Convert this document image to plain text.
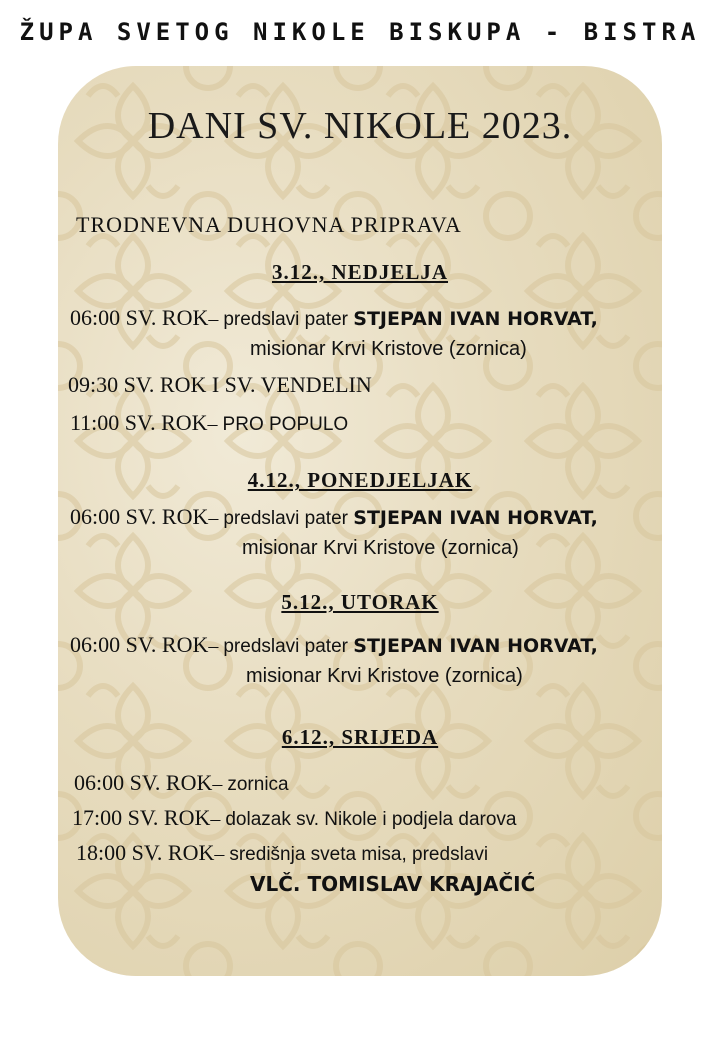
ŽUPA SVETOG NIKOLE BISKUPA - BISTRA
DANI SV. NIKOLE 2023.
TRODNEVNA DUHOVNA PRIPRAVA
3.12., NEDJELJA
06:00 SV. ROK– predslavi pater STJEPAN IVAN HORVAT,
misionar Krvi Kristove (zornica)
09:30 SV. ROK I SV. VENDELIN
11:00 SV. ROK– PRO POPULO
4.12., PONEDJELJAK
06:00 SV. ROK– predslavi pater STJEPAN IVAN HORVAT,
misionar Krvi Kristove (zornica)
5.12., UTORAK
06:00 SV. ROK– predslavi pater STJEPAN IVAN HORVAT,
misionar Krvi Kristove (zornica)
6.12., SRIJEDA
06:00 SV. ROK– zornica
17:00 SV. ROK– dolazak sv. Nikole i podjela darova
18:00 SV. ROK– središnja sveta misa, predslavi
VLČ. TOMISLAV KRAJAČIĆ
